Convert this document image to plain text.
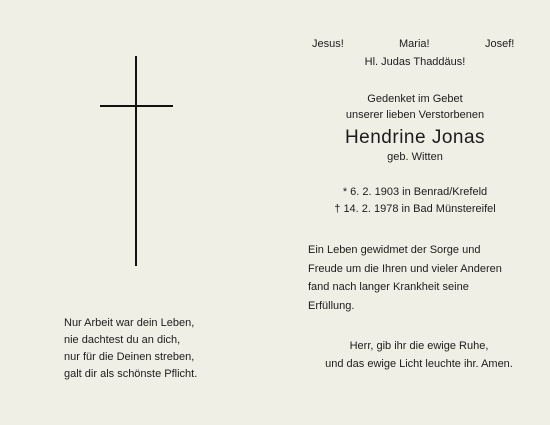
Nur Arbeit war dein Leben,
nie dachtest du an dich,
nur für die Deinen streben,
galt dir als schönste Pflicht.
Jesus!	Maria!	Josef!
Hl. Judas Thaddäus!
Gedenket im Gebet
unserer lieben Verstorbenen
Hendrine Jonas
geb. Witten
* 6. 2. 1903 in Benrad/Krefeld
† 14. 2. 1978 in Bad Münstereifel
Ein Leben gewidmet der Sorge und
Freude um die Ihren und vieler Anderen
fand nach langer Krankheit seine
Erfüllung.
Herr, gib ihr die ewige Ruhe,
und das ewige Licht leuchte ihr. Amen.
